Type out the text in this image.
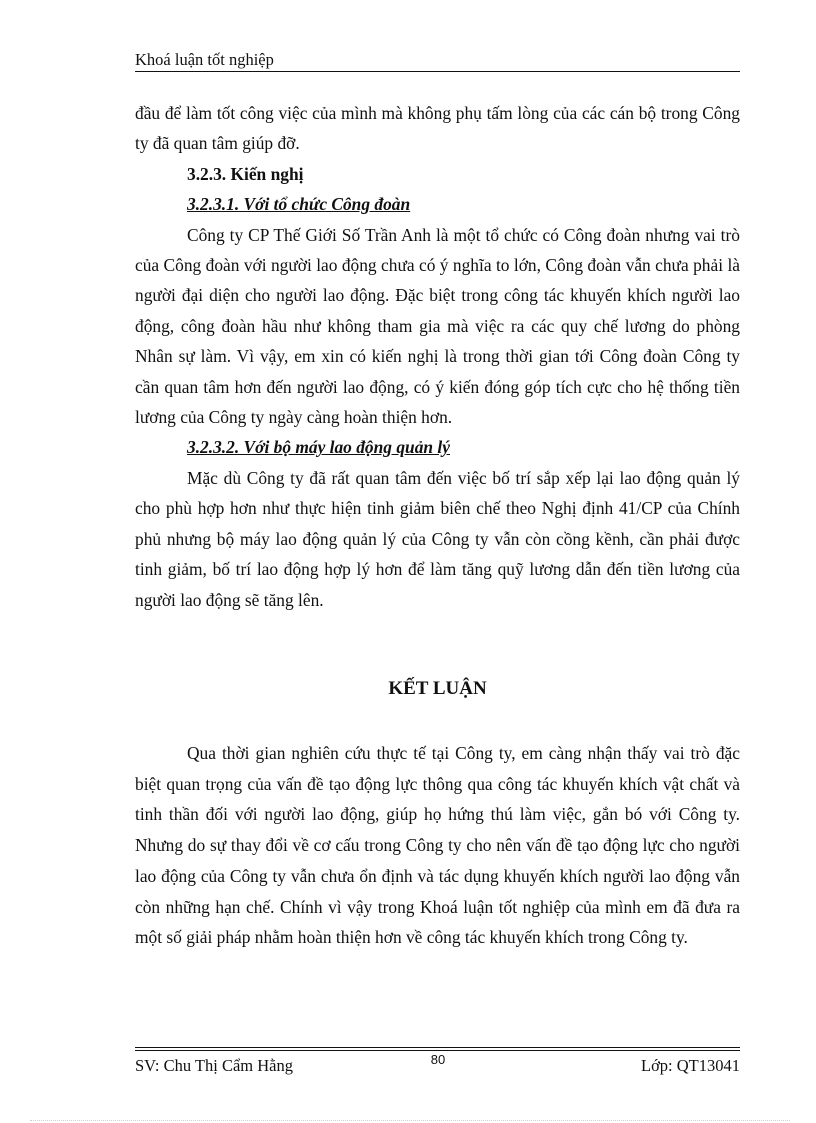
Khoá luận tốt nghiệp

đầu để làm tốt công việc của mình mà không phụ tấm lòng của các cán bộ trong Công ty đã quan tâm giúp đỡ.

3.2.3. Kiến nghị

3.2.3.1. Với tổ chức Công đoàn

Công ty CP Thế Giới Số Trần Anh là một tổ chức có Công đoàn nhưng vai trò của Công đoàn với người lao động chưa có ý nghĩa to lớn, Công đoàn vẫn chưa phải là người đại diện cho người lao động. Đặc biệt trong công tác khuyến khích người lao động, công đoàn hầu như không tham gia mà việc ra các quy chế lương do phòng Nhân sự làm. Vì vậy, em xin có kiến nghị là trong thời gian tới Công đoàn Công ty cần quan tâm hơn đến người lao động, có ý kiến đóng góp tích cực cho hệ thống tiền lương của Công ty ngày càng hoàn thiện hơn.

3.2.3.2. Với bộ máy lao động quản lý

Mặc dù Công ty đã rất quan tâm đến việc bố trí sắp xếp lại lao động quản lý cho phù hợp hơn như thực hiện tinh giảm biên chế theo Nghị định 41/CP của Chính phủ nhưng bộ máy lao động quản lý của Công ty vẫn còn cồng kềnh, cần phải được tinh giảm, bố trí lao động hợp lý hơn để làm tăng quỹ lương dẫn đến tiền lương của người lao động sẽ tăng lên.

KẾT LUẬN

Qua thời gian nghiên cứu thực tế tại Công ty, em càng nhận thấy vai trò đặc biệt quan trọng của vấn đề tạo động lực thông qua công tác khuyến khích vật chất và tinh thần đối với người lao động, giúp họ hứng thú làm việc, gắn bó với Công ty. Nhưng do sự thay đổi về cơ cấu trong Công ty cho nên vấn đề tạo động lực cho người lao động của Công ty vẫn chưa ổn định và tác dụng khuyến khích người lao động vẫn còn những hạn chế. Chính vì vậy trong Khoá luận tốt nghiệp của mình em đã đưa ra một số giải pháp nhằm hoàn thiện hơn về công tác khuyến khích trong Công ty.

SV: Chu Thị Cẩm Hằng	80	Lớp: QT13041
